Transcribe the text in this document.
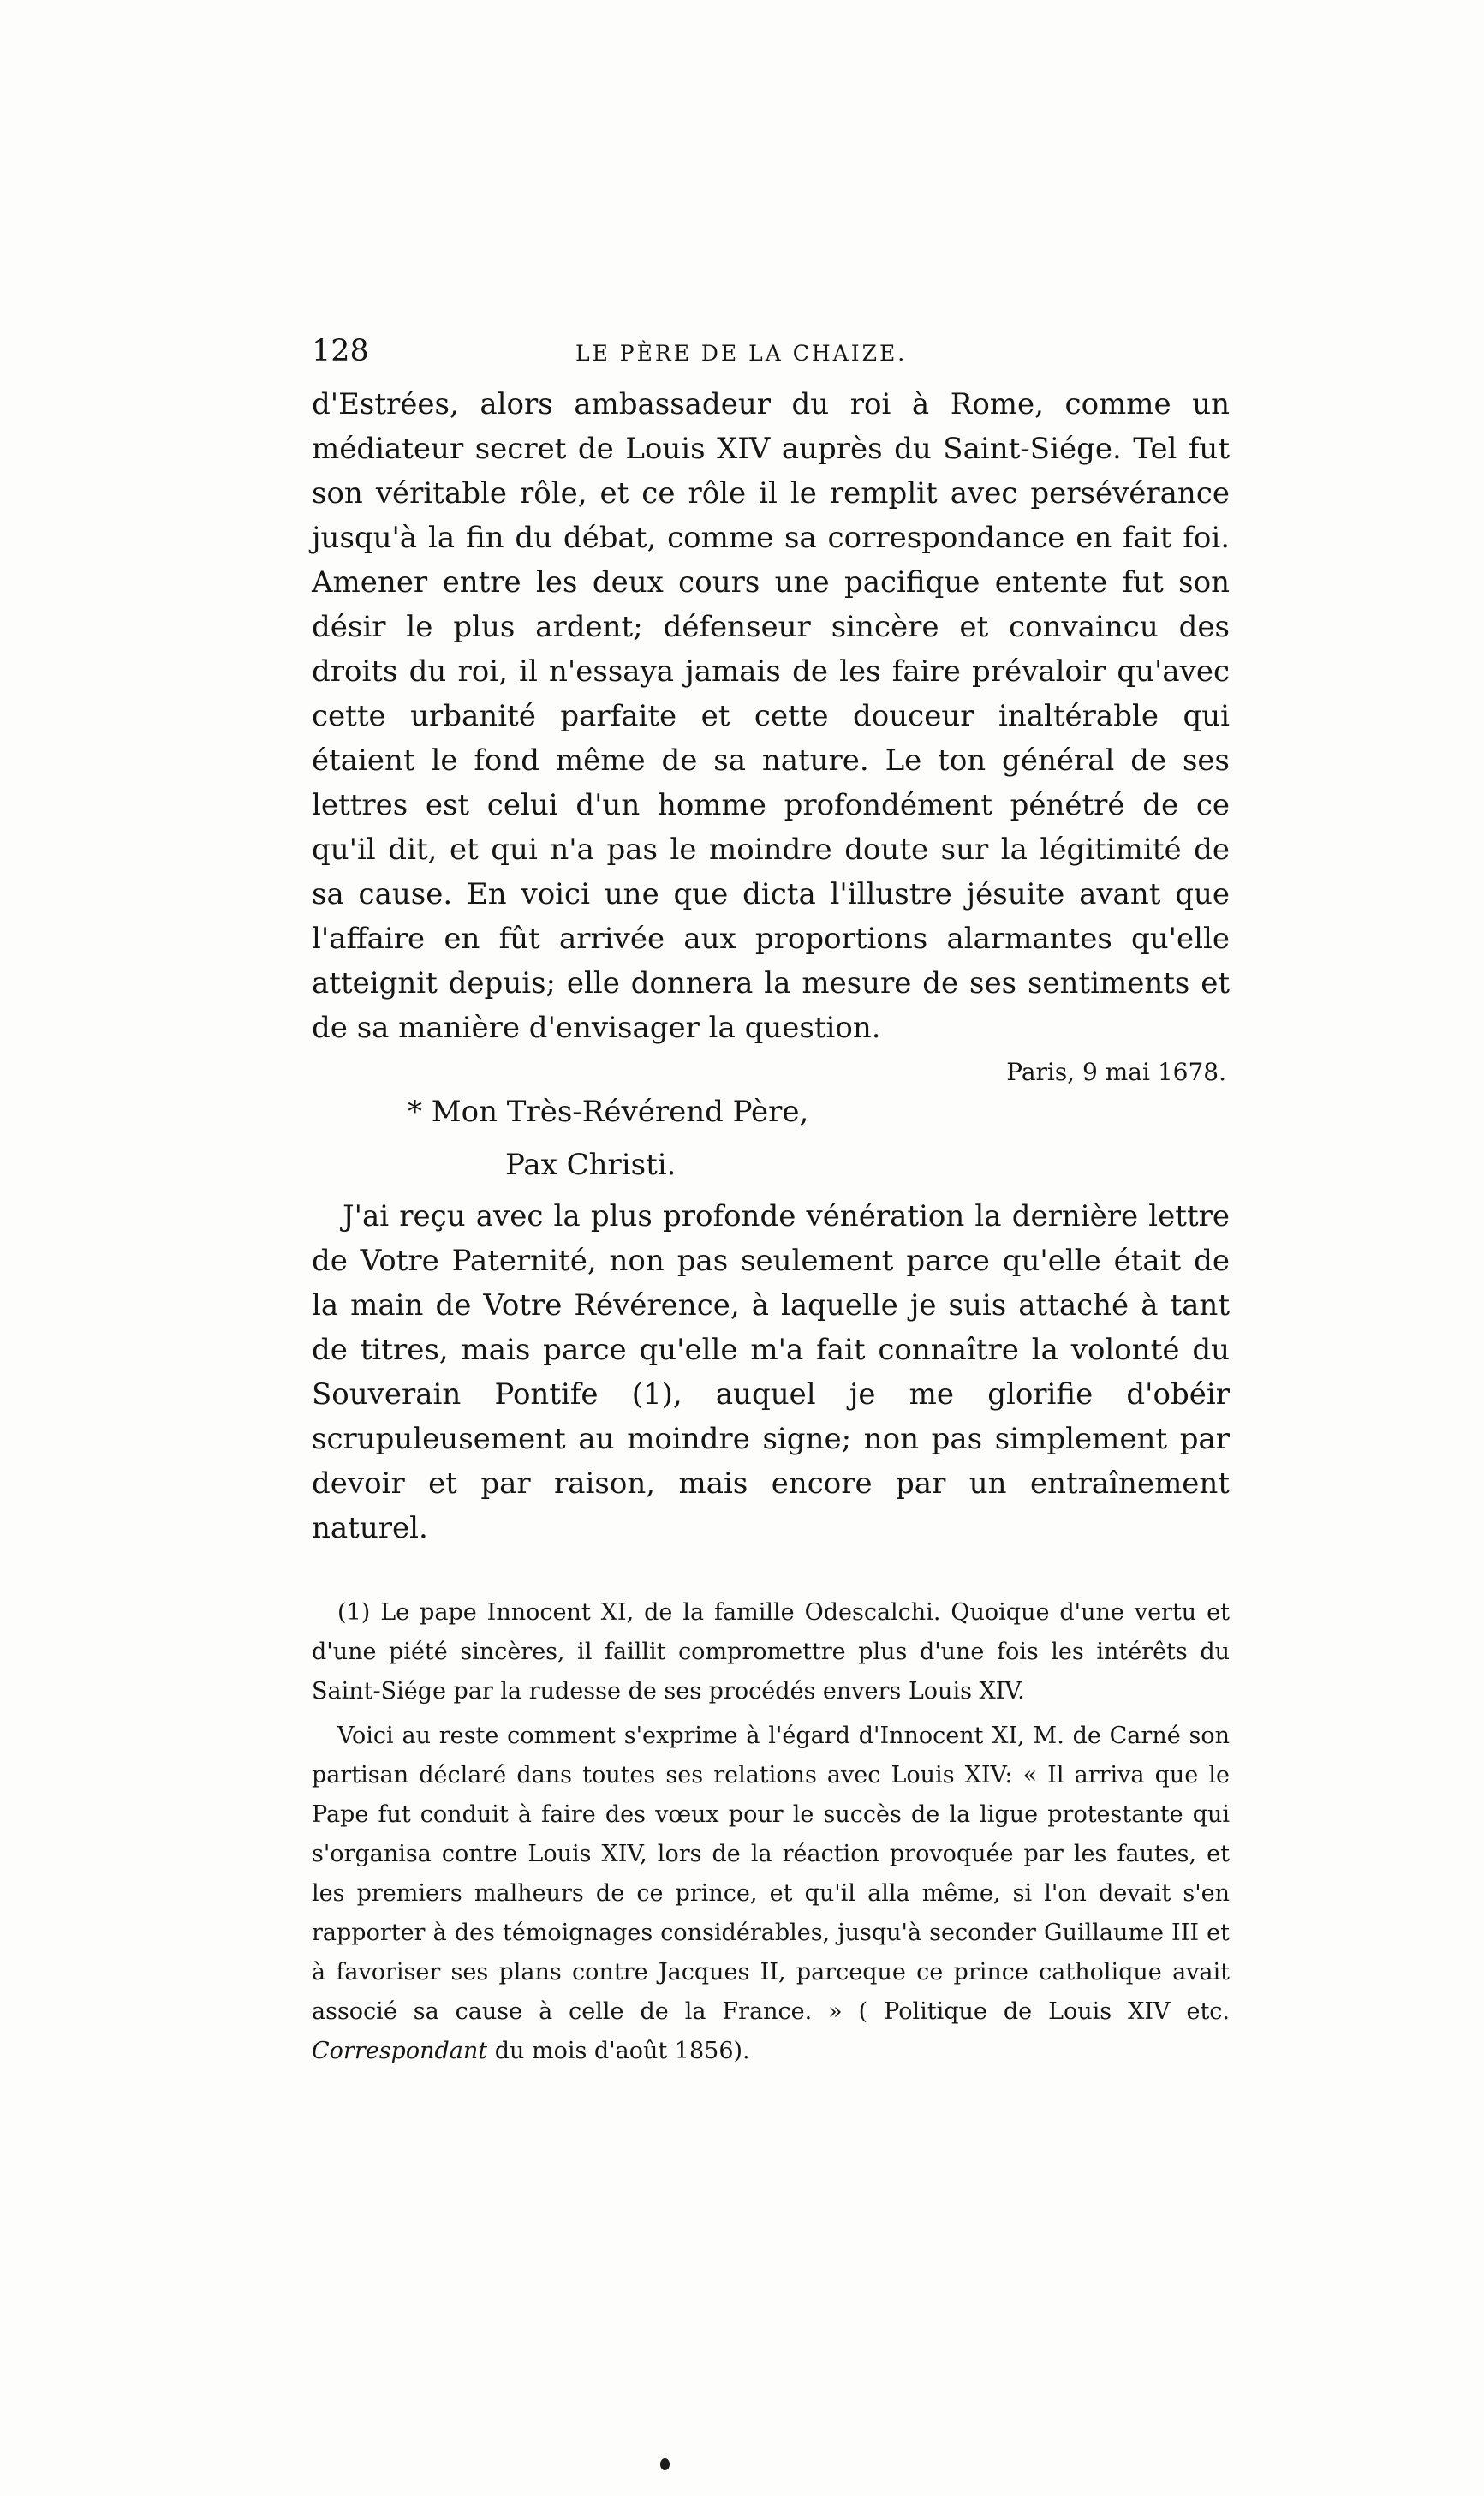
128	LE PÈRE DE LA CHAIZE.

d'Estrées, alors ambassadeur du roi à Rome, comme un médiateur secret de Louis XIV auprès du Saint-Siége. Tel fut son véritable rôle, et ce rôle il le remplit avec persévérance jusqu'à la fin du débat, comme sa correspondance en fait foi. Amener entre les deux cours une pacifique entente fut son désir le plus ardent; défenseur sincère et convaincu des droits du roi, il n'essaya jamais de les faire prévaloir qu'avec cette urbanité parfaite et cette douceur inaltérable qui étaient le fond même de sa nature. Le ton général de ses lettres est celui d'un homme profondément pénétré de ce qu'il dit, et qui n'a pas le moindre doute sur la légitimité de sa cause. En voici une que dicta l'illustre jésuite avant que l'affaire en fût arrivée aux proportions alarmantes qu'elle atteignit depuis; elle donnera la mesure de ses sentiments et de sa manière d'envisager la question.

Paris, 9 mai 1678.

* Mon Très-Révérend Père,

Pax Christi.

J'ai reçu avec la plus profonde vénération la dernière lettre de Votre Paternité, non pas seulement parce qu'elle était de la main de Votre Révérence, à laquelle je suis attaché à tant de titres, mais parce qu'elle m'a fait connaître la volonté du Souverain Pontife (1), auquel je me glorifie d'obéir scrupuleusement au moindre signe; non pas simplement par devoir et par raison, mais encore par un entraînement naturel.

(1) Le pape Innocent XI, de la famille Odescalchi. Quoique d'une vertu et d'une piété sincères, il faillit compromettre plus d'une fois les intérêts du Saint-Siége par la rudesse de ses procédés envers Louis XIV.

Voici au reste comment s'exprime à l'égard d'Innocent XI, M. de Carné son partisan déclaré dans toutes ses relations avec Louis XIV: « Il arriva que le Pape fut conduit à faire des vœux pour le succès de la ligue protestante qui s'organisa contre Louis XIV, lors de la réaction provoquée par les fautes, et les premiers malheurs de ce prince, et qu'il alla même, si l'on devait s'en rapporter à des témoignages considérables, jusqu'à seconder Guillaume III et à favoriser ses plans contre Jacques II, parceque ce prince catholique avait associé sa cause à celle de la France. » ( Politique de Louis XIV etc. Correspondant du mois d'août 1856).
